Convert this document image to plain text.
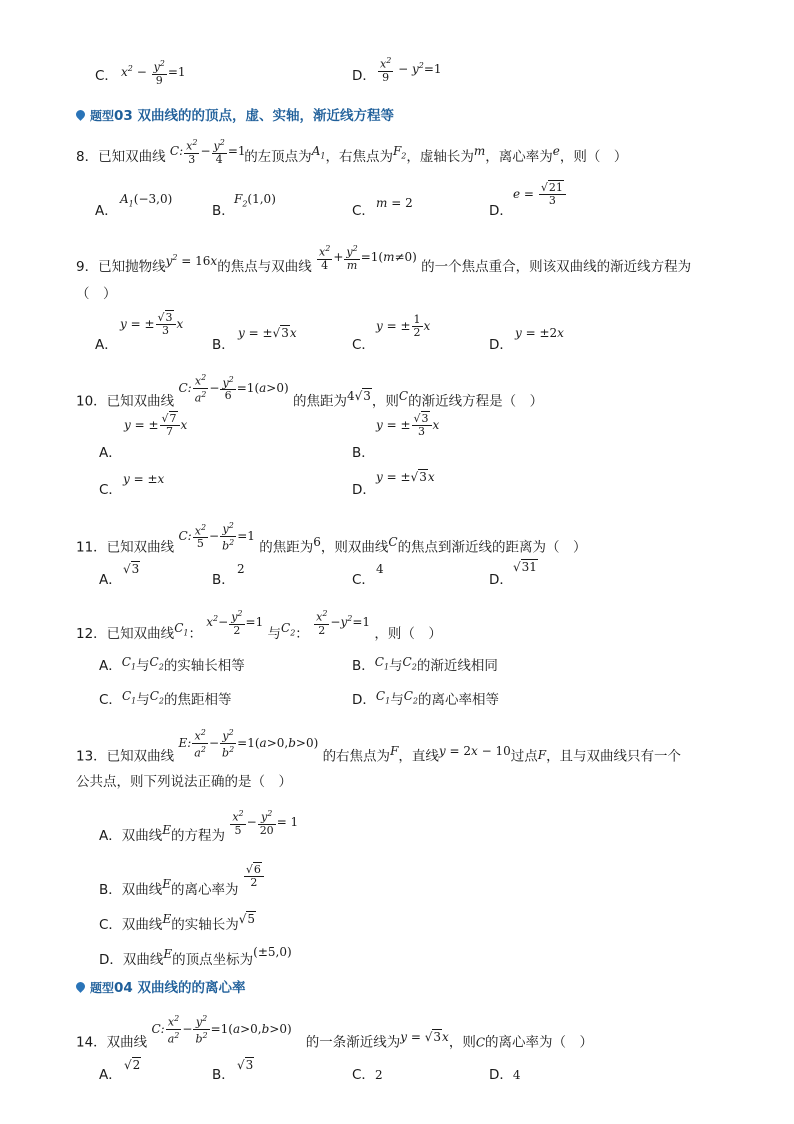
C． $x^2 - \frac{y^2}{9} =1$	D． $\frac{x^2}{9} - y^2=1$
题型03 双曲线的的顶点，虚、实轴，渐近线方程等
8．已知双曲线 C: $\frac{x^2}{3} - \frac{y^2}{4} =1$ 的左顶点为$A_1$，右焦点为$F_2$，虚轴长为m，离心率为e，则（　）
A．
$A_1(-3,0)$
B．
$F_2(1,0)$
C． m = 2	D．
$e = \frac{√21}{3}$
9．已知抛物线$y^2 = 16x$的焦点与双曲线 $\frac{x^2}{4} + \frac{y^2}{m} =1(m\ne 0)$ 的一个焦点重合，则该双曲线的渐近线方程为
（　）
A．
y = ± $\frac{√3}{3}$ x
B．
y = ±√3x
C．
y = ± $\frac{1}{2}$ x
D．
y = ±2x
10．已知双曲线 C: $\frac{x^2}{a^2} - \frac{y^2}{6} =1(a>0)$ 的焦距为4√3，则C的渐近线方程是（　）
A．
y = ± $\frac{√7}{7}$ x
B．
y = ± $\frac{√3}{3}$ x
C．
y = ±x
D．
y = ±√3x
11．已知双曲线 C: $\frac{x^2}{5} - \frac{y^2}{b^2} =1$ 的焦距为6，则双曲线C的焦点到渐近线的距离为（　）
A．
√3
B．
2
C．
4
D．
√31
12．已知双曲线$C_1$： $x^2- \frac{y^2}{2} =1$ 与$C_2$： $\frac{x^2}{2} -y^2=1$ ，则（　）
A．$C_1$与$C_2$的实轴长相等	B．$C_1$与$C_2$的渐近线相同
C．$C_1$与$C_2$的焦距相等	D．$C_1$与$C_2$的离心率相等
13．已知双曲线 E: $\frac{x^2}{a^2} - \frac{y^2}{b^2} =1(a>0,b>0)$ 的右焦点为F，直线y = 2x − 10过点F，且与双曲线只有一个
公共点，则下列说法正确的是（　）
A．双曲线E的方程为 $\frac{x^2}{5} - \frac{y^2}{20} = 1$
B．双曲线E的离心率为
$\frac{√6}{2}$
C．双曲线E的实轴长为√5
D．双曲线E的顶点坐标为(±5,0)
题型04 双曲线的的离心率
14．双曲线 C: $\frac{x^2}{a^2} - \frac{y^2}{b^2} =1(a>0,b>0)$ 的一条渐近线为y = √3x，则C的离心率为（　）
A．
√2
B．
√3
C．2	D．4
